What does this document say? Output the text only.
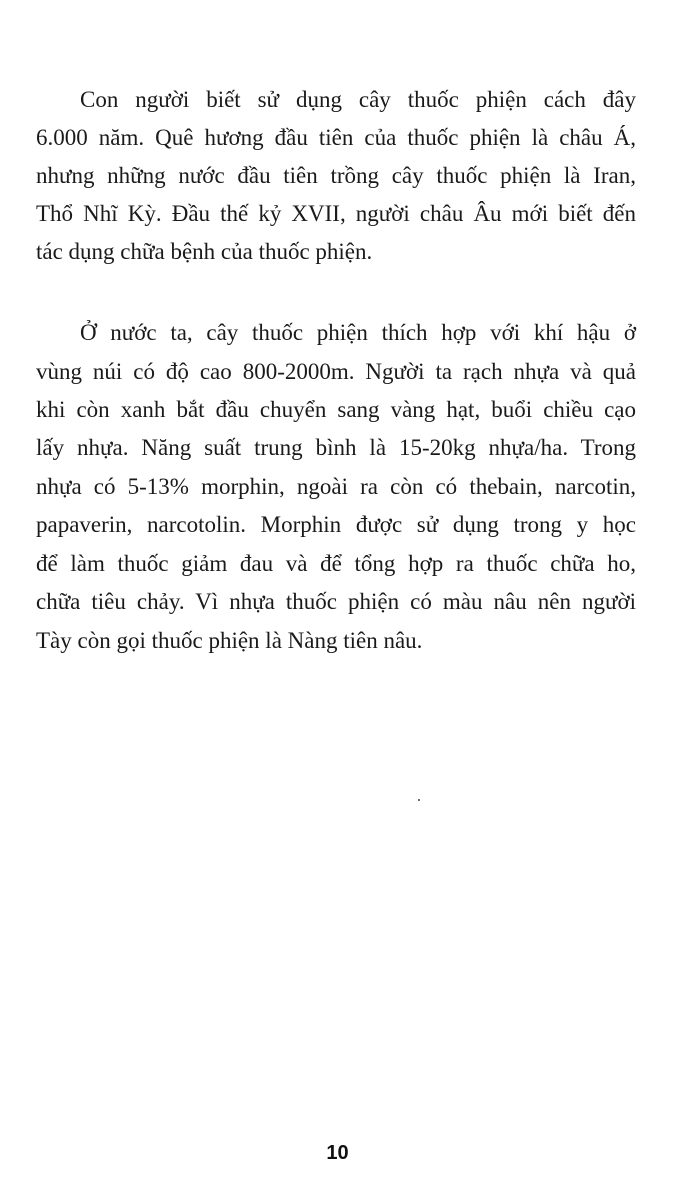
Con người biết sử dụng cây thuốc phiện cách đây
6.000 năm. Quê hương đầu tiên của thuốc phiện là châu Á,
nhưng những nước đầu tiên trồng cây thuốc phiện là Iran,
Thổ Nhĩ Kỳ. Đầu thế kỷ XVII, người châu Âu mới biết đến
tác dụng chữa bệnh của thuốc phiện.
Ở nước ta, cây thuốc phiện thích hợp với khí hậu ở
vùng núi có độ cao 800-2000m. Người ta rạch nhựa và quả
khi còn xanh bắt đầu chuyển sang vàng hạt, buổi chiều cạo
lấy nhựa. Năng suất trung bình là 15-20kg nhựa/ha. Trong
nhựa có 5-13% morphin, ngoài ra còn có thebain, narcotin,
papaverin, narcotolin. Morphin được sử dụng trong y học
để làm thuốc giảm đau và để tổng hợp ra thuốc chữa ho,
chữa tiêu chảy. Vì nhựa thuốc phiện có màu nâu nên người
Tày còn gọi thuốc phiện là Nàng tiên nâu.
10
